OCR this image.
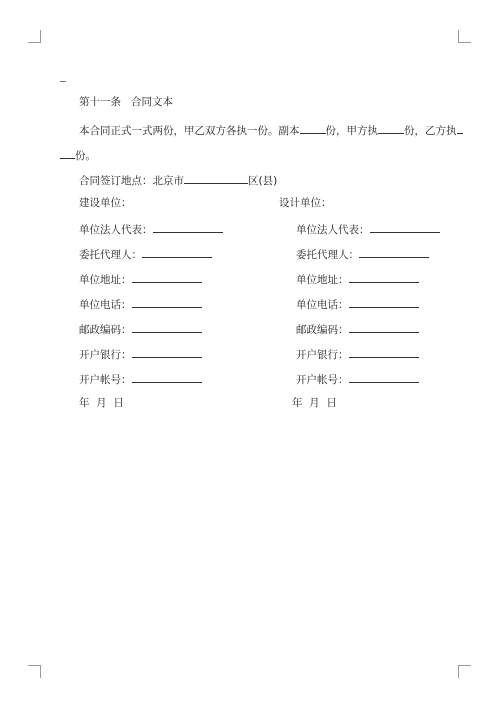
第十一条 合同文本
本合同正式一式两份，甲乙双方各执一份。副本 份，甲方执 份，乙方执
份。
合同签订地点：北京市	区(县)
建设单位：
单位法人代表：
委托代理人：
单位地址：
单位电话：
邮政编码：
开户银行：
开户帐号：
年  月  日
设计单位：
单位法人代表：
委托代理人：
单位地址：
单位电话：
邮政编码：
开户银行：
开户帐号：
年  月  日
